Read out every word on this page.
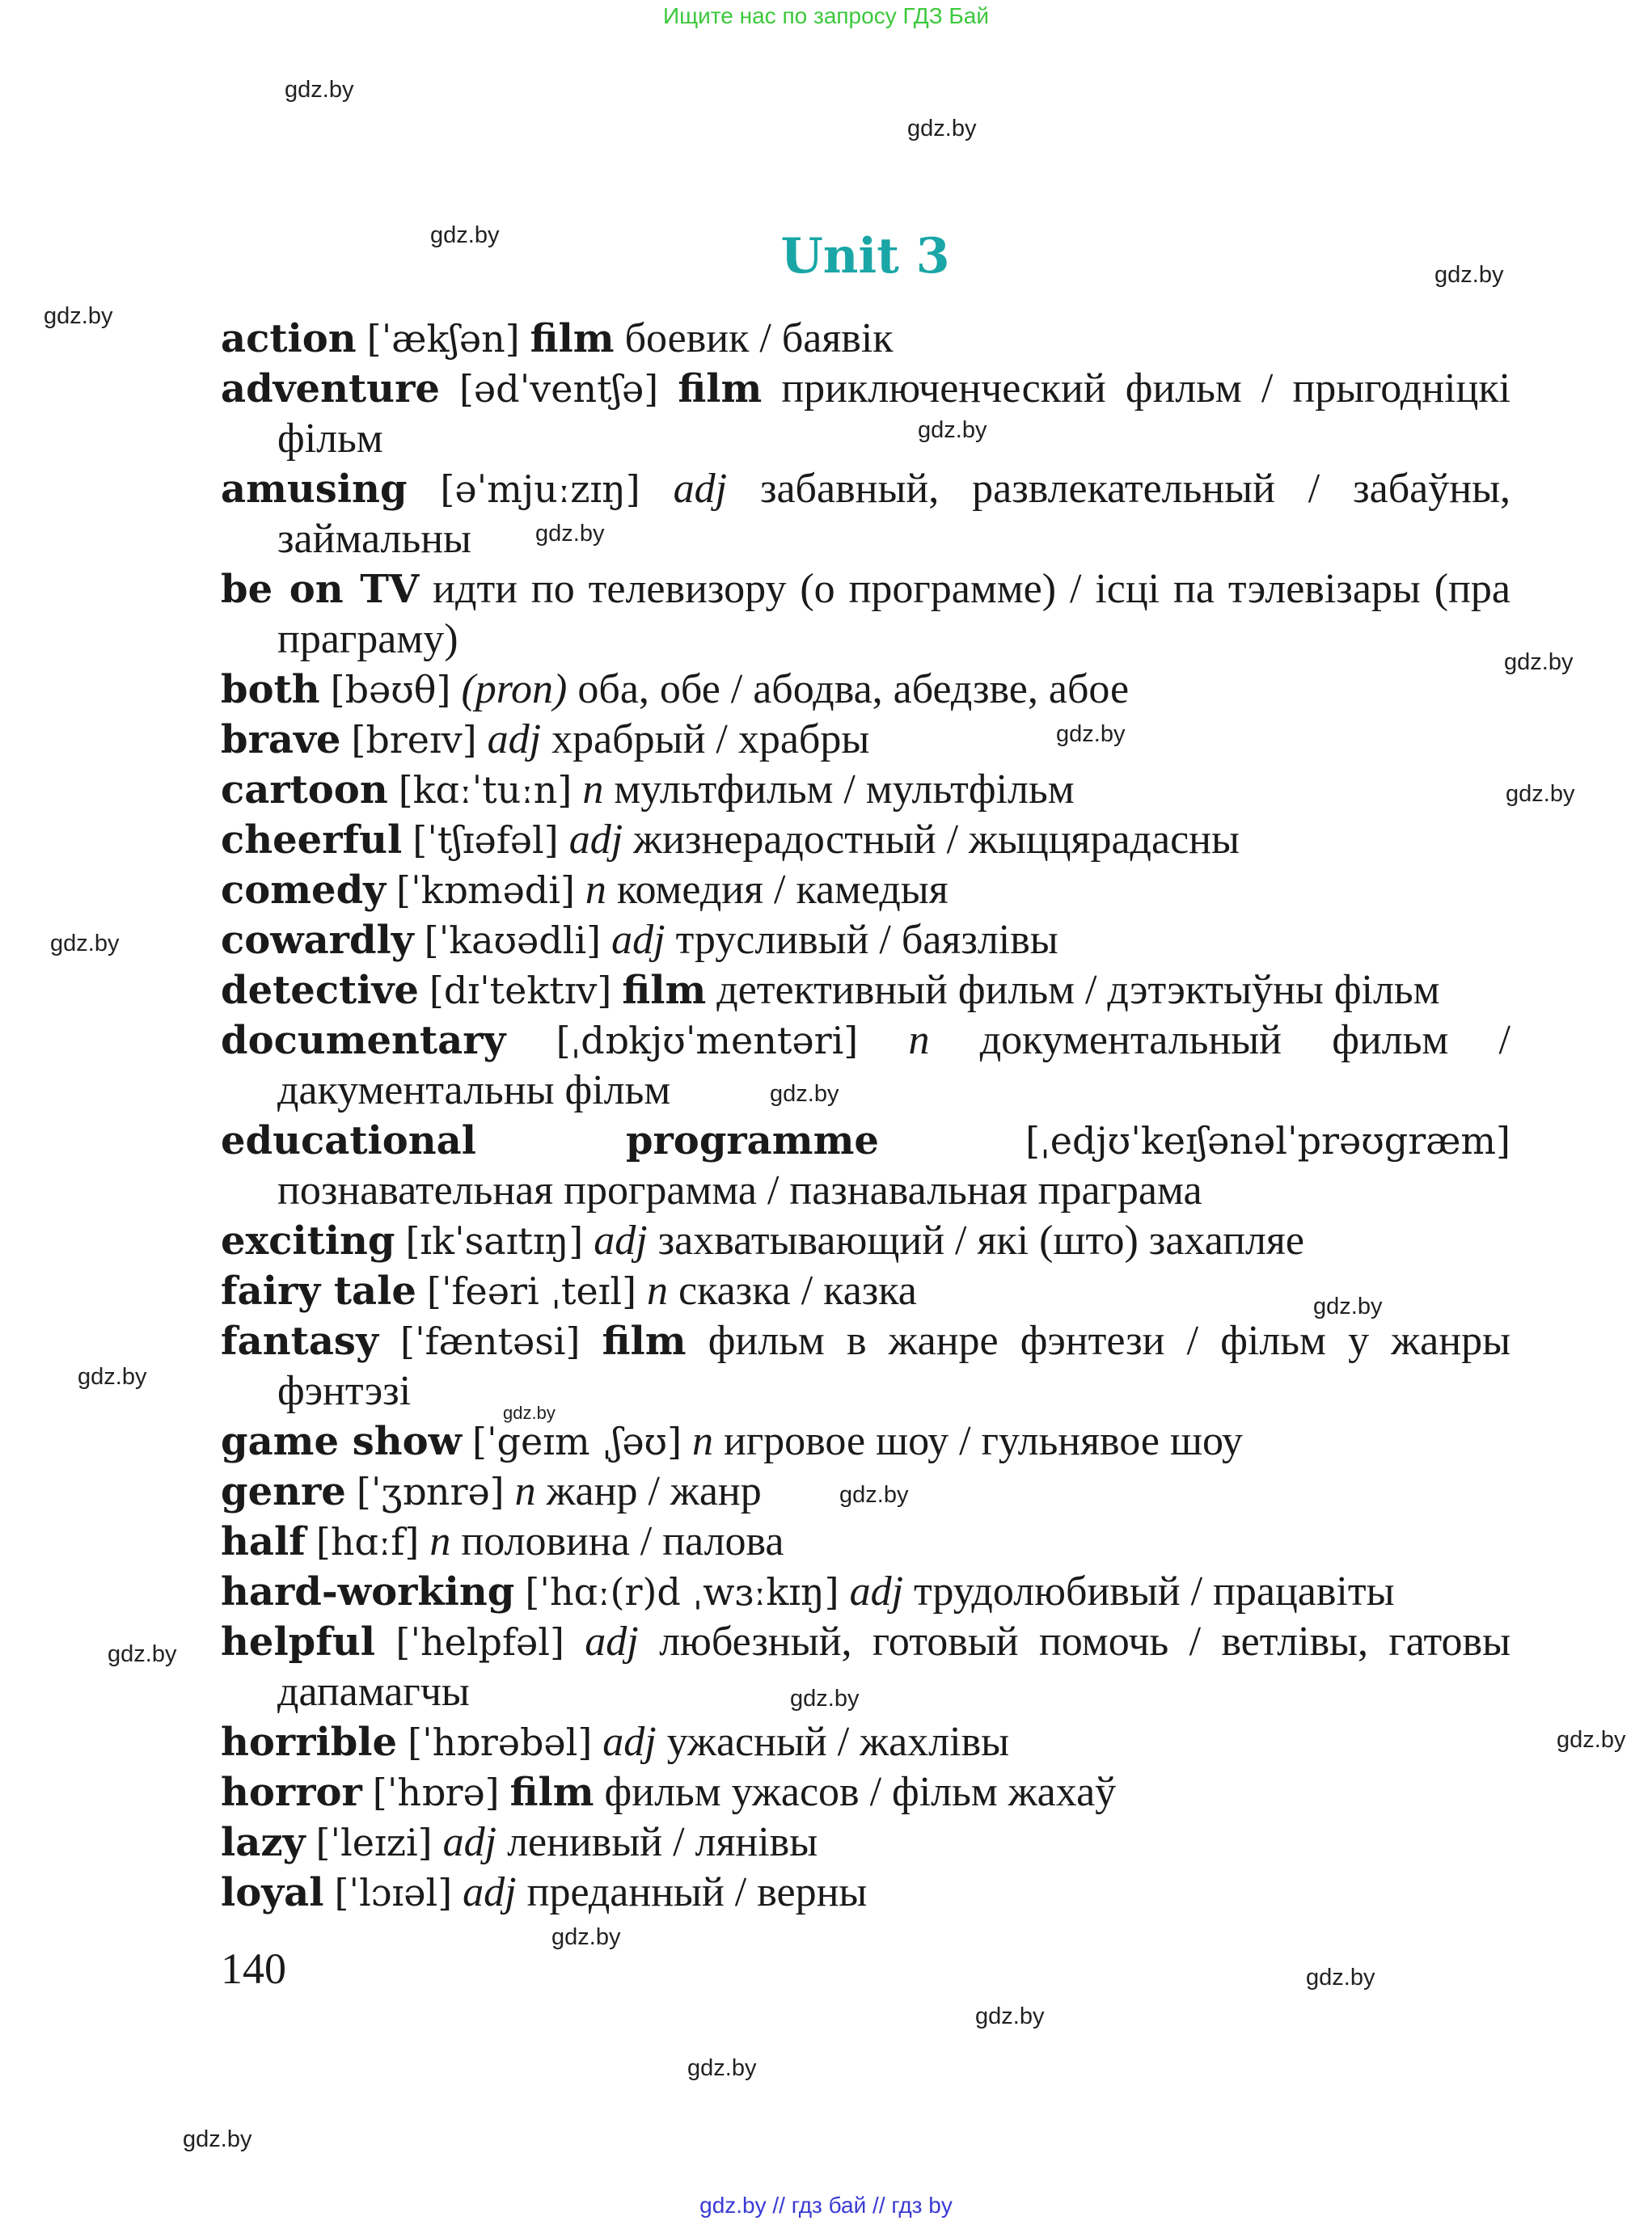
Ищите нас по запросу ГДЗ Бай
gdz.by
gdz.by
gdz.by
gdz.by
gdz.by
gdz.by
gdz.by
gdz.by
gdz.by
gdz.by
gdz.by
gdz.by
gdz.by
gdz.by
gdz.by
gdz.by
gdz.by
gdz.by
gdz.by
gdz.by
gdz.by
gdz.by
gdz.by
gdz.by
Unit 3
action [ˈækʃən] film боевик / баявік
adventure [ədˈventʃə] film приключенческий фильм / прыгодніцкі фільм
amusing [əˈmjuːzɪŋ] adj забавный, развлекательный / забаўны, займальны
be on TV идти по телевизору (о программе) / ісці па тэлевізары (пра праграму)
both [bəʊθ] (pron) оба, обе / абодва, абедзве, абое
brave [breɪv] adj храбрый / храбры
cartoon [kɑːˈtuːn] n мультфильм / мультфільм
cheerful [ˈtʃɪəfəl] adj жизнерадостный / жыццярадасны
comedy [ˈkɒmədi] n комедия / камедыя
cowardly [ˈkaʊədli] adj трусливый / баязлівы
detective [dɪˈtektɪv] film детективный фильм / дэтэктыўны фільм
documentary [ˌdɒkjʊˈmentəri] n документальный фильм / дакументальны фільм
educational programme	[ˌedjʊˈkeɪʃənəlˈprəʊgræm] познавательная программа / пазнавальная праграма
exciting [ɪkˈsaɪtɪŋ] adj захватывающий / які (што) захапляе
fairy tale [ˈfeəri ˌteɪl] n сказка / казка
fantasy [ˈfæntəsi] film фильм в жанре фэнтези / фільм у жанры фэнтэзі
game show [ˈgeɪm ˌʃəʊ] n игровое шоу / гульнявое шоу
genre [ˈʒɒnrə] n жанр / жанр
half [hɑːf] n половина / палова
hard-working [ˈhɑː(r)d ˌwɜːkɪŋ] adj трудолюбивый / працавіты
helpful [ˈhelpfəl] adj любезный, готовый помочь / ветлівы, гатовы дапамагчы
horrible [ˈhɒrəbəl] adj ужасный / жахлівы
horror [ˈhɒrə] film фильм ужасов / фільм жахаў
lazy [ˈleɪzi] adj ленивый / лянівы
loyal [ˈlɔɪəl] adj преданный / верны
140
gdz.by // гдз бай // гдз by
